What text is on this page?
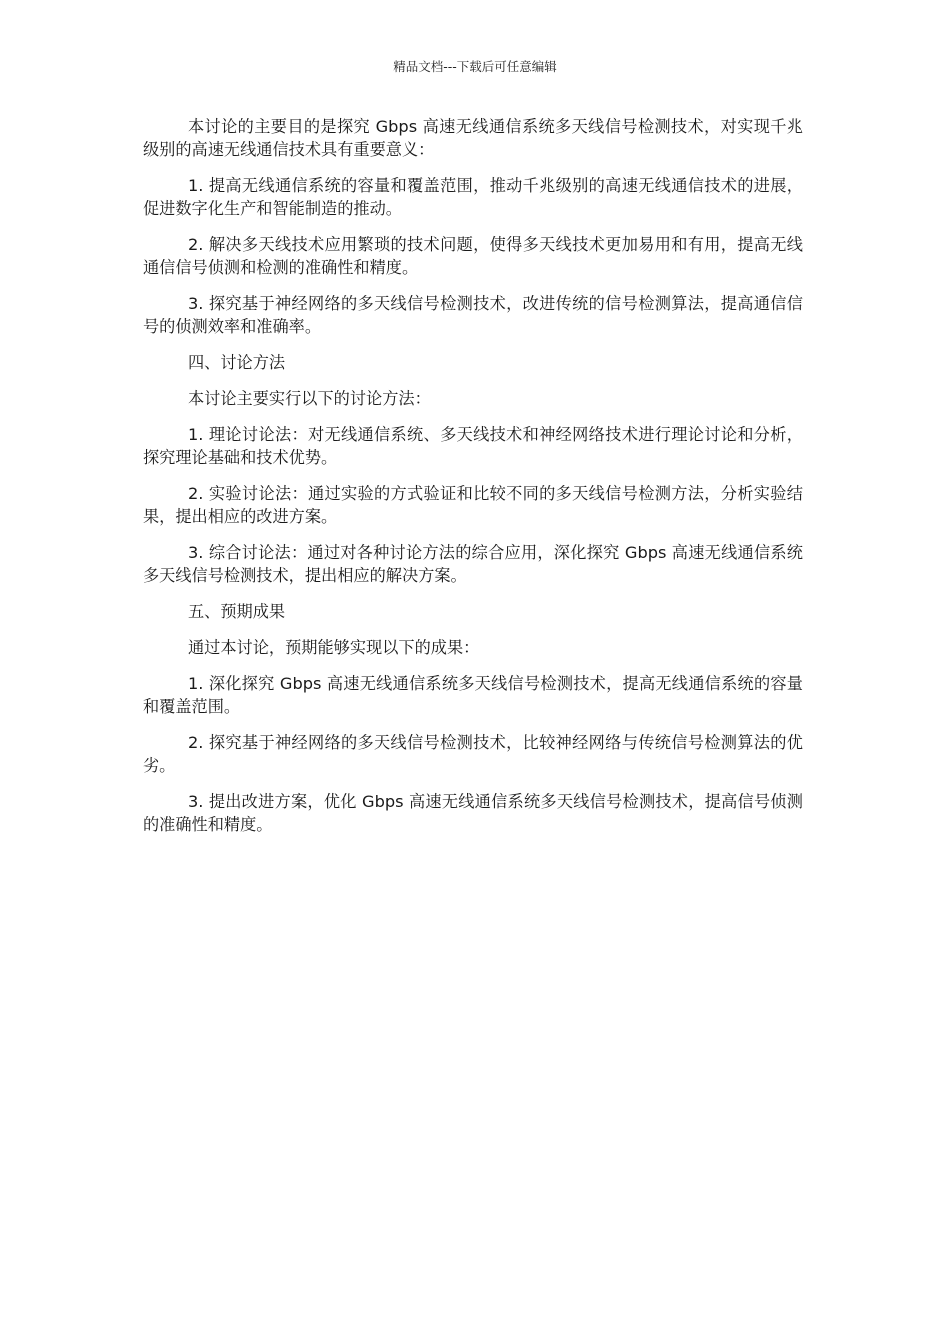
精品文档---下载后可任意编辑

本讨论的主要目的是探究 Gbps 高速无线通信系统多天线信号检测技术，对实现千兆级别的高速无线通信技术具有重要意义：

1. 提高无线通信系统的容量和覆盖范围，推动千兆级别的高速无线通信技术的进展，促进数字化生产和智能制造的推动。

2. 解决多天线技术应用繁琐的技术问题，使得多天线技术更加易用和有用，提高无线通信信号侦测和检测的准确性和精度。

3. 探究基于神经网络的多天线信号检测技术，改进传统的信号检测算法，提高通信信号的侦测效率和准确率。

四、讨论方法

本讨论主要实行以下的讨论方法：

1. 理论讨论法：对无线通信系统、多天线技术和神经网络技术进行理论讨论和分析，探究理论基础和技术优势。

2. 实验讨论法：通过实验的方式验证和比较不同的多天线信号检测方法，分析实验结果，提出相应的改进方案。

3. 综合讨论法：通过对各种讨论方法的综合应用，深化探究 Gbps 高速无线通信系统多天线信号检测技术，提出相应的解决方案。

五、预期成果

通过本讨论，预期能够实现以下的成果：

1. 深化探究 Gbps 高速无线通信系统多天线信号检测技术，提高无线通信系统的容量和覆盖范围。

2. 探究基于神经网络的多天线信号检测技术，比较神经网络与传统信号检测算法的优劣。

3. 提出改进方案，优化 Gbps 高速无线通信系统多天线信号检测技术，提高信号侦测的准确性和精度。
